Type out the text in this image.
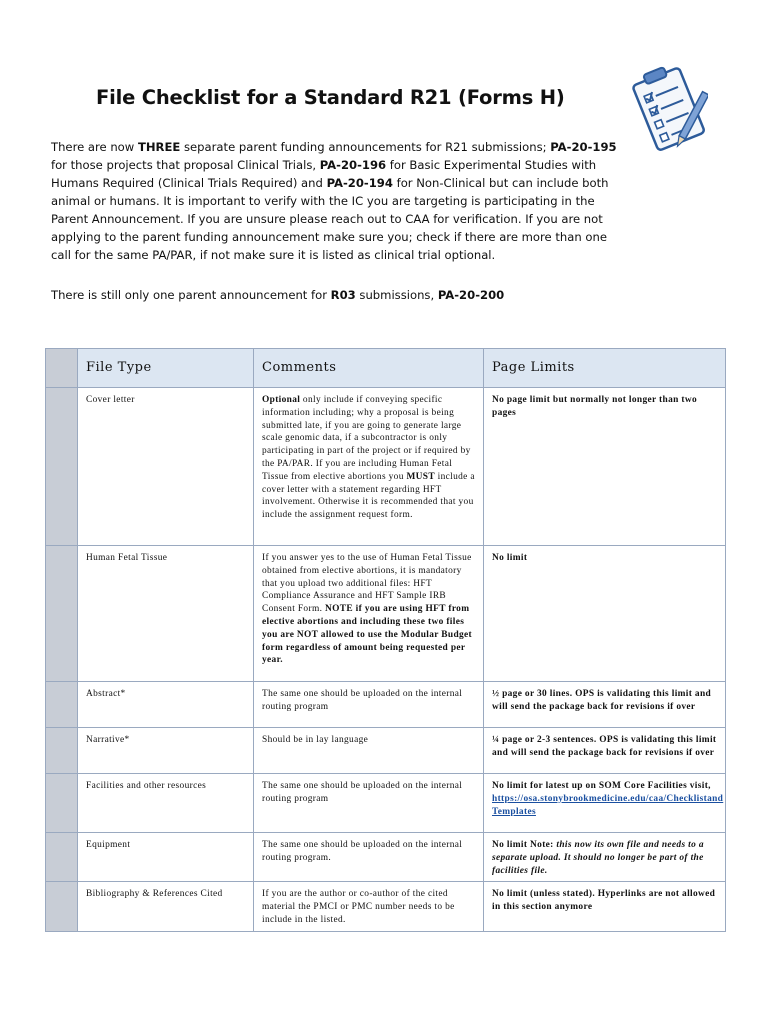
File Checklist for a Standard R21 (Forms H)

There are now THREE separate parent funding announcements for R21 submissions; PA-20-195 for those projects that proposal Clinical Trials, PA-20-196 for Basic Experimental Studies with Humans Required (Clinical Trials Required) and PA-20-194 for Non-Clinical but can include both animal or humans. It is important to verify with the IC you are targeting is participating in the Parent Announcement. If you are unsure please reach out to CAA for verification. If you are not applying to the parent funding announcement make sure you; check if there are more than one call for the same PA/PAR, if not make sure it is listed as clinical trial optional.

There is still only one parent announcement for R03 submissions, PA-20-200
	File Type	Comments	Page Limits
	Cover letter	Optional only include if conveying specific information including; why a proposal is being submitted late, if you are going to generate large scale genomic data, if a subcontractor is only participating in part of the project or if required by the PA/PAR. If you are including Human Fetal Tissue from elective abortions you MUST include a cover letter with a statement regarding HFT involvement. Otherwise it is recommended that you include the assignment request form.	No page limit but normally not longer than two pages
	Human Fetal Tissue	If you answer yes to the use of Human Fetal Tissue obtained from elective abortions, it is mandatory that you upload two additional files: HFT Compliance Assurance and HFT Sample IRB Consent Form. NOTE if you are using HFT from elective abortions and including these two files you are NOT allowed to use the Modular Budget form regardless of amount being requested per year.	No limit
	Abstract*	The same one should be uploaded on the internal routing program	½ page or 30 lines. OPS is validating this limit and will send the package back for revisions if over
	Narrative*	Should be in lay language	¼ page or 2-3 sentences. OPS is validating this limit and will send the package back for revisions if over
	Facilities and other resources	The same one should be uploaded on the internal routing program	No limit for latest up on SOM Core Facilities visit,
https://osa.stonybrookmedicine.edu/caa/Checklistand Templates
	Equipment	The same one should be uploaded on the internal routing program.	No limit Note: this now its own file and needs to a separate upload. It should no longer be part of the facilities file.
	Bibliography & References Cited	If you are the author or co-author of the cited material the PMCI or PMC number needs to be include in the listed.	No limit (unless stated). Hyperlinks are not allowed in this section anymore
